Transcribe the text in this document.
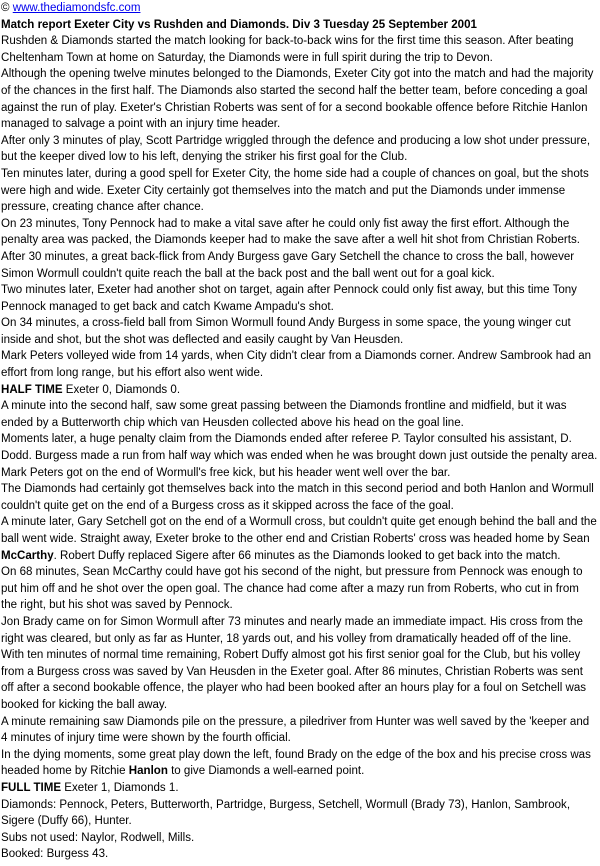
© www.thediamondsfc.com

Match report Exeter City vs Rushden and Diamonds. Div 3 Tuesday 25 September 2001

Rushden & Diamonds started the match looking for back-to-back wins for the first time this season. After beating Cheltenham Town at home on Saturday, the Diamonds were in full spirit during the trip to Devon.

Although the opening twelve minutes belonged to the Diamonds, Exeter City got into the match and had the majority of the chances in the first half. The Diamonds also started the second half the better team, before conceding a goal against the run of play. Exeter's Christian Roberts was sent of for a second bookable offence before Ritchie Hanlon managed to salvage a point with an injury time header.

After only 3 minutes of play, Scott Partridge wriggled through the defence and producing a low shot under pressure, but the keeper dived low to his left, denying the striker his first goal for the Club.

Ten minutes later, during a good spell for Exeter City, the home side had a couple of chances on goal, but the shots were high and wide. Exeter City certainly got themselves into the match and put the Diamonds under immense pressure, creating chance after chance.

On 23 minutes, Tony Pennock had to make a vital save after he could only fist away the first effort. Although the penalty area was packed, the Diamonds keeper had to make the save after a well hit shot from Christian Roberts.

After 30 minutes, a great back-flick from Andy Burgess gave Gary Setchell the chance to cross the ball, however Simon Wormull couldn't quite reach the ball at the back post and the ball went out for a goal kick.

Two minutes later, Exeter had another shot on target, again after Pennock could only fist away, but this time Tony Pennock managed to get back and catch Kwame Ampadu's shot.

On 34 minutes, a cross-field ball from Simon Wormull found Andy Burgess in some space, the young winger cut inside and shot, but the shot was deflected and easily caught by Van Heusden.

Mark Peters volleyed wide from 14 yards, when City didn't clear from a Diamonds corner. Andrew Sambrook had an effort from long range, but his effort also went wide.

HALF TIME Exeter 0, Diamonds 0.

A minute into the second half, saw some great passing between the Diamonds frontline and midfield, but it was ended by a Butterworth chip which van Heusden collected above his head on the goal line.

Moments later, a huge penalty claim from the Diamonds ended after referee P. Taylor consulted his assistant, D. Dodd. Burgess made a run from half way which was ended when he was brought down just outside the penalty area. Mark Peters got on the end of Wormull's free kick, but his header went well over the bar.

The Diamonds had certainly got themselves back into the match in this second period and both Hanlon and Wormull couldn't quite get on the end of a Burgess cross as it skipped across the face of the goal.

A minute later, Gary Setchell got on the end of a Wormull cross, but couldn't quite get enough behind the ball and the ball went wide. Straight away, Exeter broke to the other end and Cristian Roberts' cross was headed home by Sean McCarthy. Robert Duffy replaced Sigere after 66 minutes as the Diamonds looked to get back into the match.

On 68 minutes, Sean McCarthy could have got his second of the night, but pressure from Pennock was enough to put him off and he shot over the open goal. The chance had come after a mazy run from Roberts, who cut in from the right, but his shot was saved by Pennock.

Jon Brady came on for Simon Wormull after 73 minutes and nearly made an immediate impact. His cross from the right was cleared, but only as far as Hunter, 18 yards out, and his volley from dramatically headed off of the line.

With ten minutes of normal time remaining, Robert Duffy almost got his first senior goal for the Club, but his volley from a Burgess cross was saved by Van Heusden in the Exeter goal. After 86 minutes, Christian Roberts was sent off after a second bookable offence, the player who had been booked after an hours play for a foul on Setchell was booked for kicking the ball away.

A minute remaining saw Diamonds pile on the pressure, a piledriver from Hunter was well saved by the 'keeper and 4 minutes of injury time were shown by the fourth official.

In the dying moments, some great play down the left, found Brady on the edge of the box and his precise cross was headed home by Ritchie Hanlon to give Diamonds a well-earned point.

FULL TIME Exeter 1, Diamonds 1.

Diamonds: Pennock, Peters, Butterworth, Partridge, Burgess, Setchell, Wormull (Brady 73), Hanlon, Sambrook, Sigere (Duffy 66), Hunter.

Subs not used: Naylor, Rodwell, Mills.

Booked: Burgess 43.
